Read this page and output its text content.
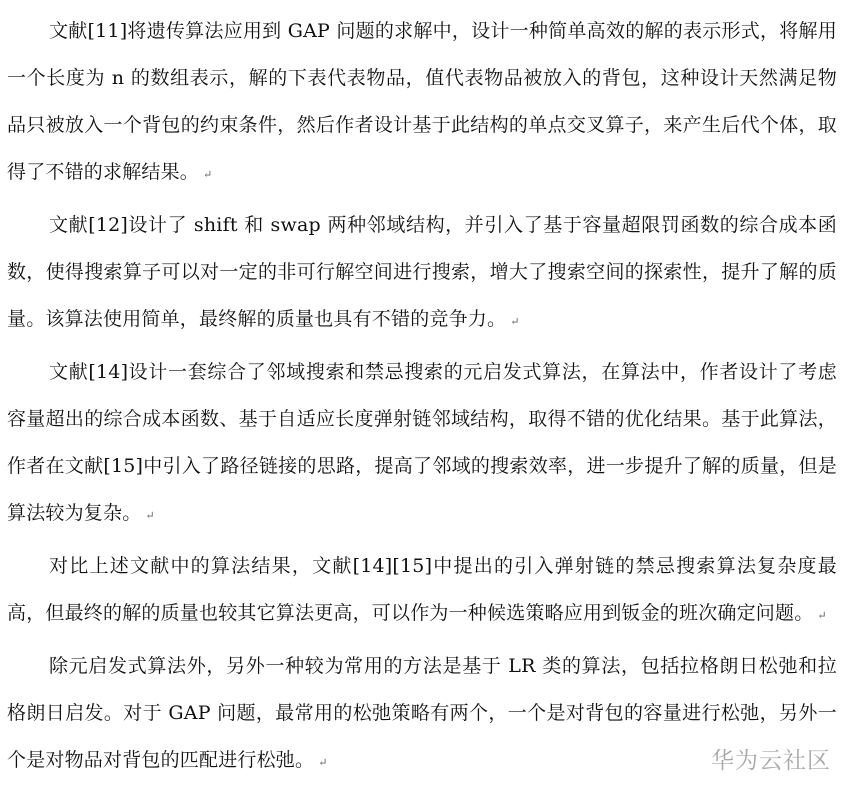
文献[11]将遗传算法应用到 GAP 问题的求解中，设计一种简单高效的解的表示形式，将解用一个长度为 n 的数组表示，解的下表代表物品，值代表物品被放入的背包，这种设计天然满足物品只被放入一个背包的约束条件，然后作者设计基于此结构的单点交叉算子，来产生后代个体，取得了不错的求解结果。 ↵

文献[12]设计了 shift 和 swap 两种邻域结构，并引入了基于容量超限罚函数的综合成本函数，使得搜索算子可以对一定的非可行解空间进行搜索，增大了搜索空间的探索性，提升了解的质量。该算法使用简单，最终解的质量也具有不错的竞争力。 ↵

文献[14]设计一套综合了邻域搜索和禁忌搜索的元启发式算法，在算法中，作者设计了考虑容量超出的综合成本函数、基于自适应长度弹射链邻域结构，取得不错的优化结果。基于此算法，作者在文献[15]中引入了路径链接的思路，提高了邻域的搜索效率，进一步提升了解的质量，但是算法较为复杂。 ↵

对比上述文献中的算法结果，文献[14][15]中提出的引入弹射链的禁忌搜索算法复杂度最高，但最终的解的质量也较其它算法更高，可以作为一种候选策略应用到钣金的班次确定问题。 ↵

除元启发式算法外，另外一种较为常用的方法是基于 LR 类的算法，包括拉格朗日松弛和拉格朗日启发。对于 GAP 问题，最常用的松弛策略有两个，一个是对背包的容量进行松弛，另外一个是对物品对背包的匹配进行松弛。 ↵	华为云社区
